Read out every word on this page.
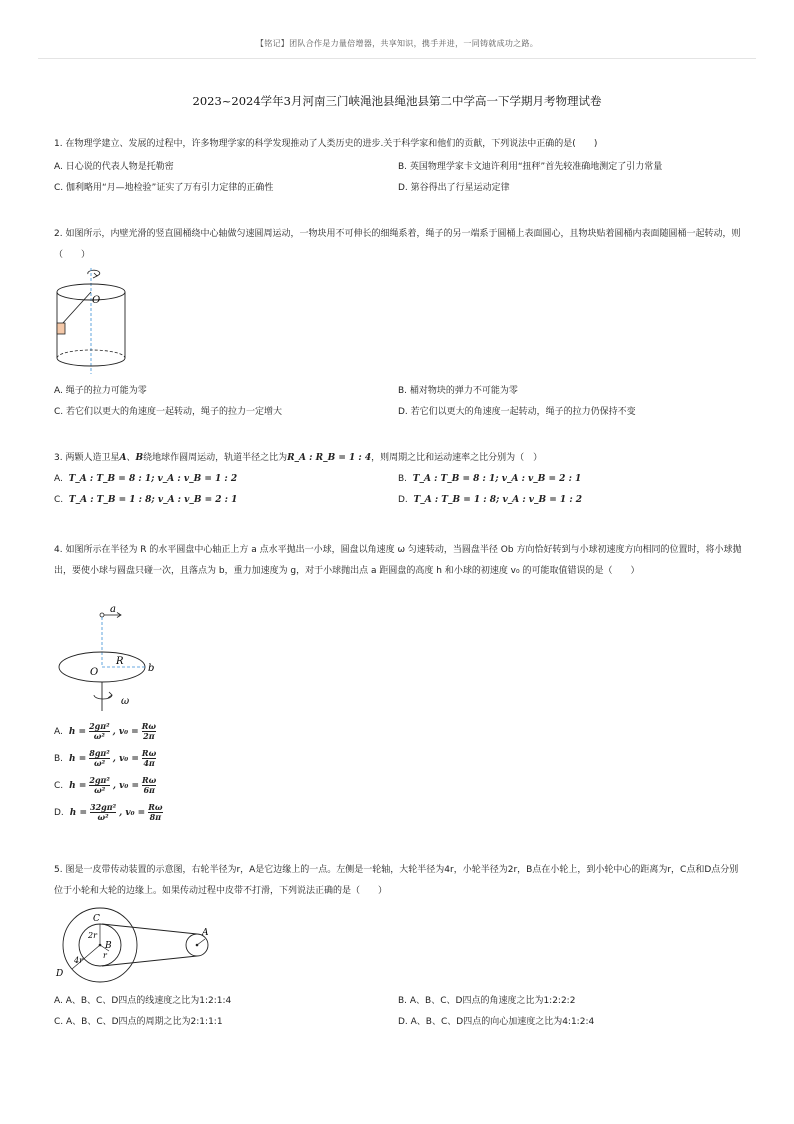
【铭记】团队合作是力量倍增器，共享知识，携手并进，一同铸就成功之路。
2023~2024学年3月河南三门峡渑池县绳池县第二中学高一下学期月考物理试卷

1. 在物理学建立、发展的过程中，许多物理学家的科学发现推动了人类历史的进步.关于科学家和他们的贡献，下列说法中正确的是(　　)

A. 日心说的代表人物是托勒密	B. 英国物理学家卡文迪许利用“扭秤”首先较准确地测定了引力常量
C. 伽利略用“月—地检验”证实了万有引力定律的正确性	D. 第谷得出了行星运动定律

2. 如图所示，内壁光滑的竖直圆桶绕中心轴做匀速圆周运动，一物块用不可伸长的细绳系着，绳子的另一端系于圆桶上表面圆心，且物块贴着圆桶内表面随圆桶一起转动，则（　　）

O
A. 绳子的拉力可能为零	B. 桶对物块的弹力不可能为零
C. 若它们以更大的角速度一起转动，绳子的拉力一定增大	D. 若它们以更大的角速度一起转动，绳子的拉力仍保持不变

3. 两颗人造卫星A、B绕地球作圆周运动，轨道半径之比为R_A : R_B = 1 : 4，则周期之比和运动速率之比分别为（　）

A. T_A : T_B = 8 : 1; v_A : v_B = 1 : 2	B. T_A : T_B = 8 : 1; v_A : v_B = 2 : 1
C. T_A : T_B = 1 : 8; v_A : v_B = 2 : 1	D. T_A : T_B = 1 : 8; v_A : v_B = 1 : 2

4. 如图所示在半径为 R 的水平圆盘中心轴正上方 a 点水平抛出一小球，圆盘以角速度 ω 匀速转动，当圆盘半径 Ob 方向恰好转到与小球初速度方向相同的位置时，将小球抛出，要使小球与圆盘只碰一次，且落点为 b，重力加速度为 g，对于小球抛出点 a 距圆盘的高度 h 和小球的初速度 v₀ 的可能取值错误的是（　　）

a
O
R
b
ω
A. $h = \frac{\text{2gπ²}}{\text{ω²}}$ , $v_0 = \frac{R\omega}{2\pi}$
B. $h = \frac{\text{8gπ²}}{\text{ω²}}$ , $v_0 = \frac{R\omega}{4\pi}$
C. $h = \frac{\text{2gπ²}}{\text{ω²}}$ , $v_0 = \frac{R\omega}{6\pi}$
D. $h = \frac{\text{32gπ²}}{\text{ω²}}$ , $v_0 = \frac{R\omega}{8\pi}$

5. 图是一皮带传动装置的示意图，右轮半径为r，A是它边缘上的一点。左侧是一轮轴，大轮半径为4r，小轮半径为2r，B点在小轮上，到小轮中心的距离为r，C点和D点分别位于小轮和大轮的边缘上。如果传动过程中皮带不打滑，下列说法正确的是（　　）

C
2r
B
r
4r
D
A
A. A、B、C、D四点的线速度之比为1:2:1:4	B. A、B、C、D四点的角速度之比为1:2:2:2
C. A、B、C、D四点的周期之比为2:1:1:1	D. A、B、C、D四点的向心加速度之比为4:1:2:4
